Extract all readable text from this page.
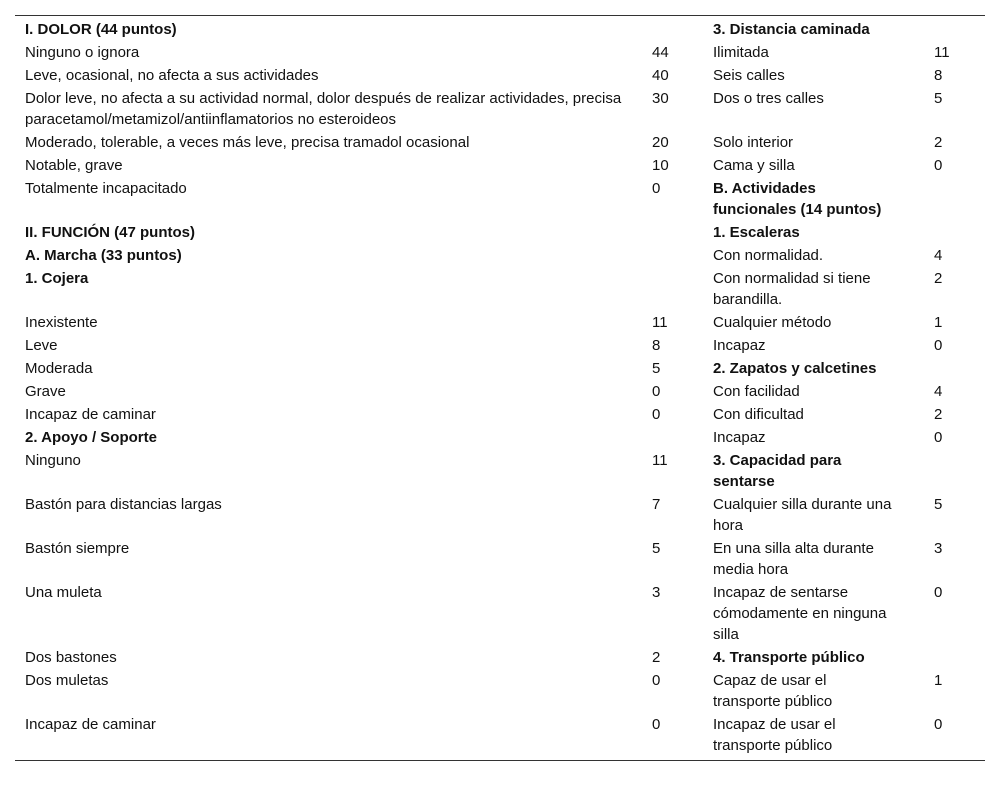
I. DOLOR (44 puntos)		3. Distancia caminada	

Ninguno o ignora	44	Ilimitada	11
Leve, ocasional, no afecta a sus actividades	40	Seis calles	8
Dolor leve, no afecta a su actividad normal, dolor después de realizar actividades, precisa paracetamol/metamizol/antiinflamatorios no esteroideos	30	Dos o tres calles	5
Moderado, tolerable, a veces más leve, precisa tramadol ocasional	20	Solo interior	2
Notable, grave	10	Cama y silla	0
Totalmente incapacitado	0	B. Actividades funcionales (14 puntos)	

II. FUNCIÓN (47 puntos)		1. Escaleras	

A. Marcha (33 puntos)		Con normalidad.	4
1. Cojera		Con normalidad si tiene barandilla.	2
Inexistente	11	Cualquier método	1
Leve	8	Incapaz	0
Moderada	5	2. Zapatos y calcetines	

Grave	0	Con facilidad	4
Incapaz de caminar	0	Con dificultad	2
2. Apoyo / Soporte		Incapaz	0
Ninguno	11	3. Capacidad para sentarse	

Bastón para distancias largas	7	Cualquier silla durante una hora	5
Bastón siempre	5	En una silla alta durante media hora	3
Una muleta	3	Incapaz de sentarse cómodamente en ninguna silla	0
Dos bastones	2	4. Transporte público	

Dos muletas	0	Capaz de usar el transporte público	1
Incapaz de caminar	0	Incapaz de usar el transporte público	0
